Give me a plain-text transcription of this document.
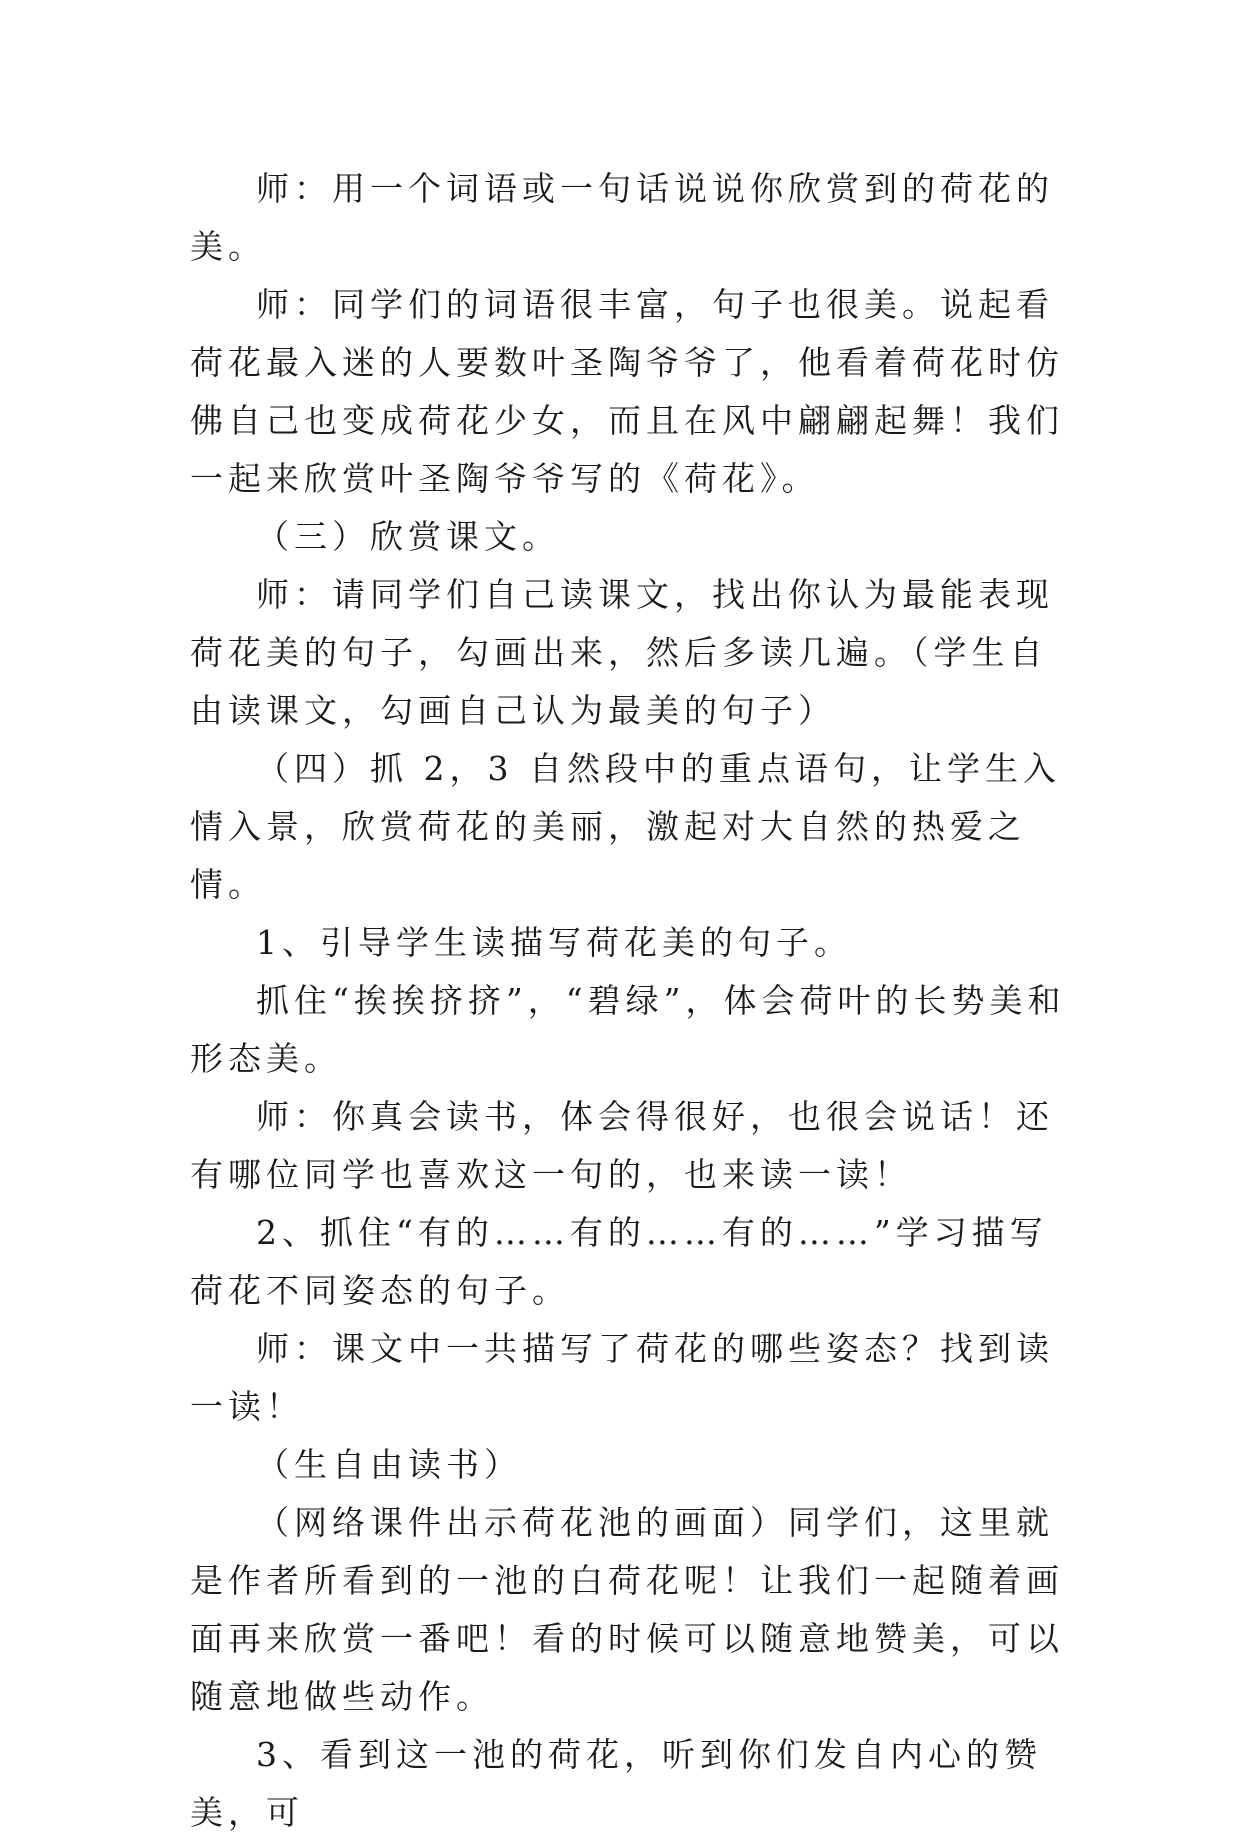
师：用一个词语或一句话说说你欣赏到的荷花的美。

师：同学们的词语很丰富，句子也很美。说起看荷花最入迷的人要数叶圣陶爷爷了，他看着荷花时仿佛自己也变成荷花少女，而且在风中翩翩起舞！我们一起来欣赏叶圣陶爷爷写的《荷花》。

（三）欣赏课文。

师：请同学们自己读课文，找出你认为最能表现荷花美的句子，勾画出来，然后多读几遍。（学生自由读课文，勾画自己认为最美的句子）

（四）抓 2，3 自然段中的重点语句，让学生入情入景，欣赏荷花的美丽，激起对大自然的热爱之情。

1、引导学生读描写荷花美的句子。

抓住“挨挨挤挤”，“碧绿”，体会荷叶的长势美和形态美。

师：你真会读书，体会得很好，也很会说话！还有哪位同学也喜欢这一句的，也来读一读！

2、抓住“有的……有的……有的……”学习描写荷花不同姿态的句子。

师：课文中一共描写了荷花的哪些姿态？找到读一读！

（生自由读书）

（网络课件出示荷花池的画面）同学们，这里就是作者所看到的一池的白荷花呢！让我们一起随着画面再来欣赏一番吧！看的时候可以随意地赞美，可以随意地做些动作。

3、看到这一池的荷花，听到你们发自内心的赞美，可
